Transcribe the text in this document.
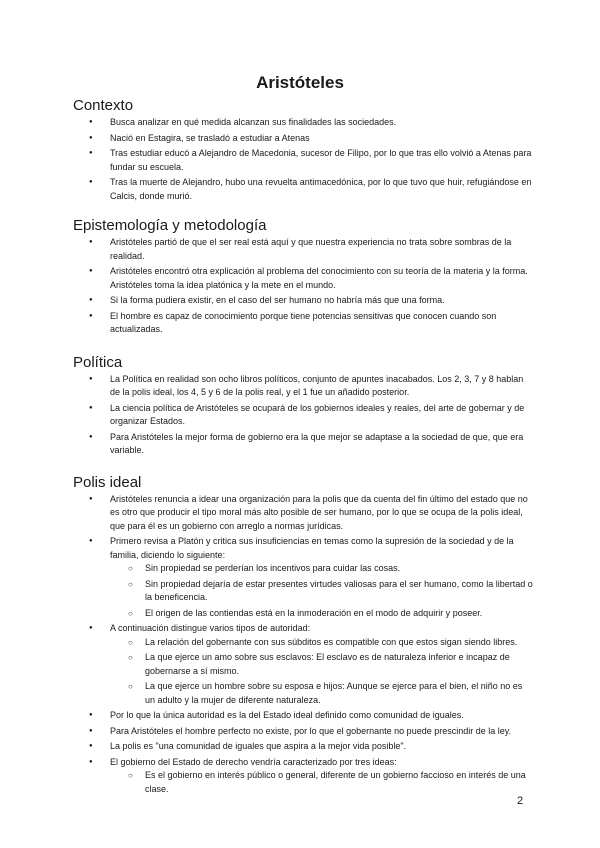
Aristóteles
Contexto
● Busca analizar en qué medida alcanzan sus finalidades las sociedades.
● Nació en Estagira, se trasladó a estudiar a Atenas
● Tras estudiar educó a Alejandro de Macedonia, sucesor de Filipo, por lo que tras ello volvió a Atenas para fundar su escuela.
● Tras la muerte de Alejandro, hubo una revuelta antimacedónica, por lo que tuvo que huir, refugiándose en Calcis, donde murió.
Epistemología y metodología
● Aristóteles partió de que el ser real está aquí y que nuestra experiencia no trata sobre sombras de la realidad.
● Aristóteles encontró otra explicación al problema del conocimiento con su teoría de la materia y la forma. Aristóteles toma la idea platónica y la mete en el mundo.
● Si la forma pudiera existir, en el caso del ser humano no habría más que una forma.
● El hombre es capaz de conocimiento porque tiene potencias sensitivas que conocen cuando son actualizadas.
Política
● La Política en realidad son ocho libros políticos, conjunto de apuntes inacabados. Los 2, 3, 7 y 8 hablan de la polis ideal, los 4, 5 y 6 de la polis real, y el 1 fue un añadido posterior.
● La ciencia política de Aristóteles se ocupará de los gobiernos ideales y reales, del arte de gobernar y de organizar Estados.
● Para Aristóteles la mejor forma de gobierno era la que mejor se adaptase a la sociedad de que, que era variable.
Polis ideal
● Aristóteles renuncia a idear una organización para la polis que da cuenta del fin último del estado que no es otro que producir el tipo moral más alto posible de ser humano, por lo que se ocupa de la polis ideal, que para él es un gobierno con arreglo a normas jurídicas.
● Primero revisa a Platón y critica sus insuficiencias en temas como la supresión de la sociedad y de la familia, diciendo lo siguiente:
○ Sin propiedad se perderían los incentivos para cuidar las cosas.
○ Sin propiedad dejaría de estar presentes virtudes valiosas para el ser humano, como la libertad o la beneficencia.
○ El origen de las contiendas está en la inmoderación en el modo de adquirir y poseer.
● A continuación distingue varios tipos de autoridad:
○ La relación del gobernante con sus súbditos es compatible con que estos sigan siendo libres.
○ La que ejerce un amo sobre sus esclavos: El esclavo es de naturaleza inferior e incapaz de gobernarse a sí mismo.
○ La que ejerce un hombre sobre su esposa e hijos: Aunque se ejerce para el bien, el niño no es un adulto y la mujer de diferente naturaleza.
● Por lo que la única autoridad es la del Estado ideal definido como comunidad de iguales.
● Para Aristóteles el hombre perfecto no existe, por lo que el gobernante no puede prescindir de la ley.
● La polis es "una comunidad de iguales que aspira a la mejor vida posible".
● El gobierno del Estado de derecho vendría caracterizado por tres ideas:
○ Es el gobierno en interés público o general, diferente de un gobierno faccioso en interés de una clase.
2
